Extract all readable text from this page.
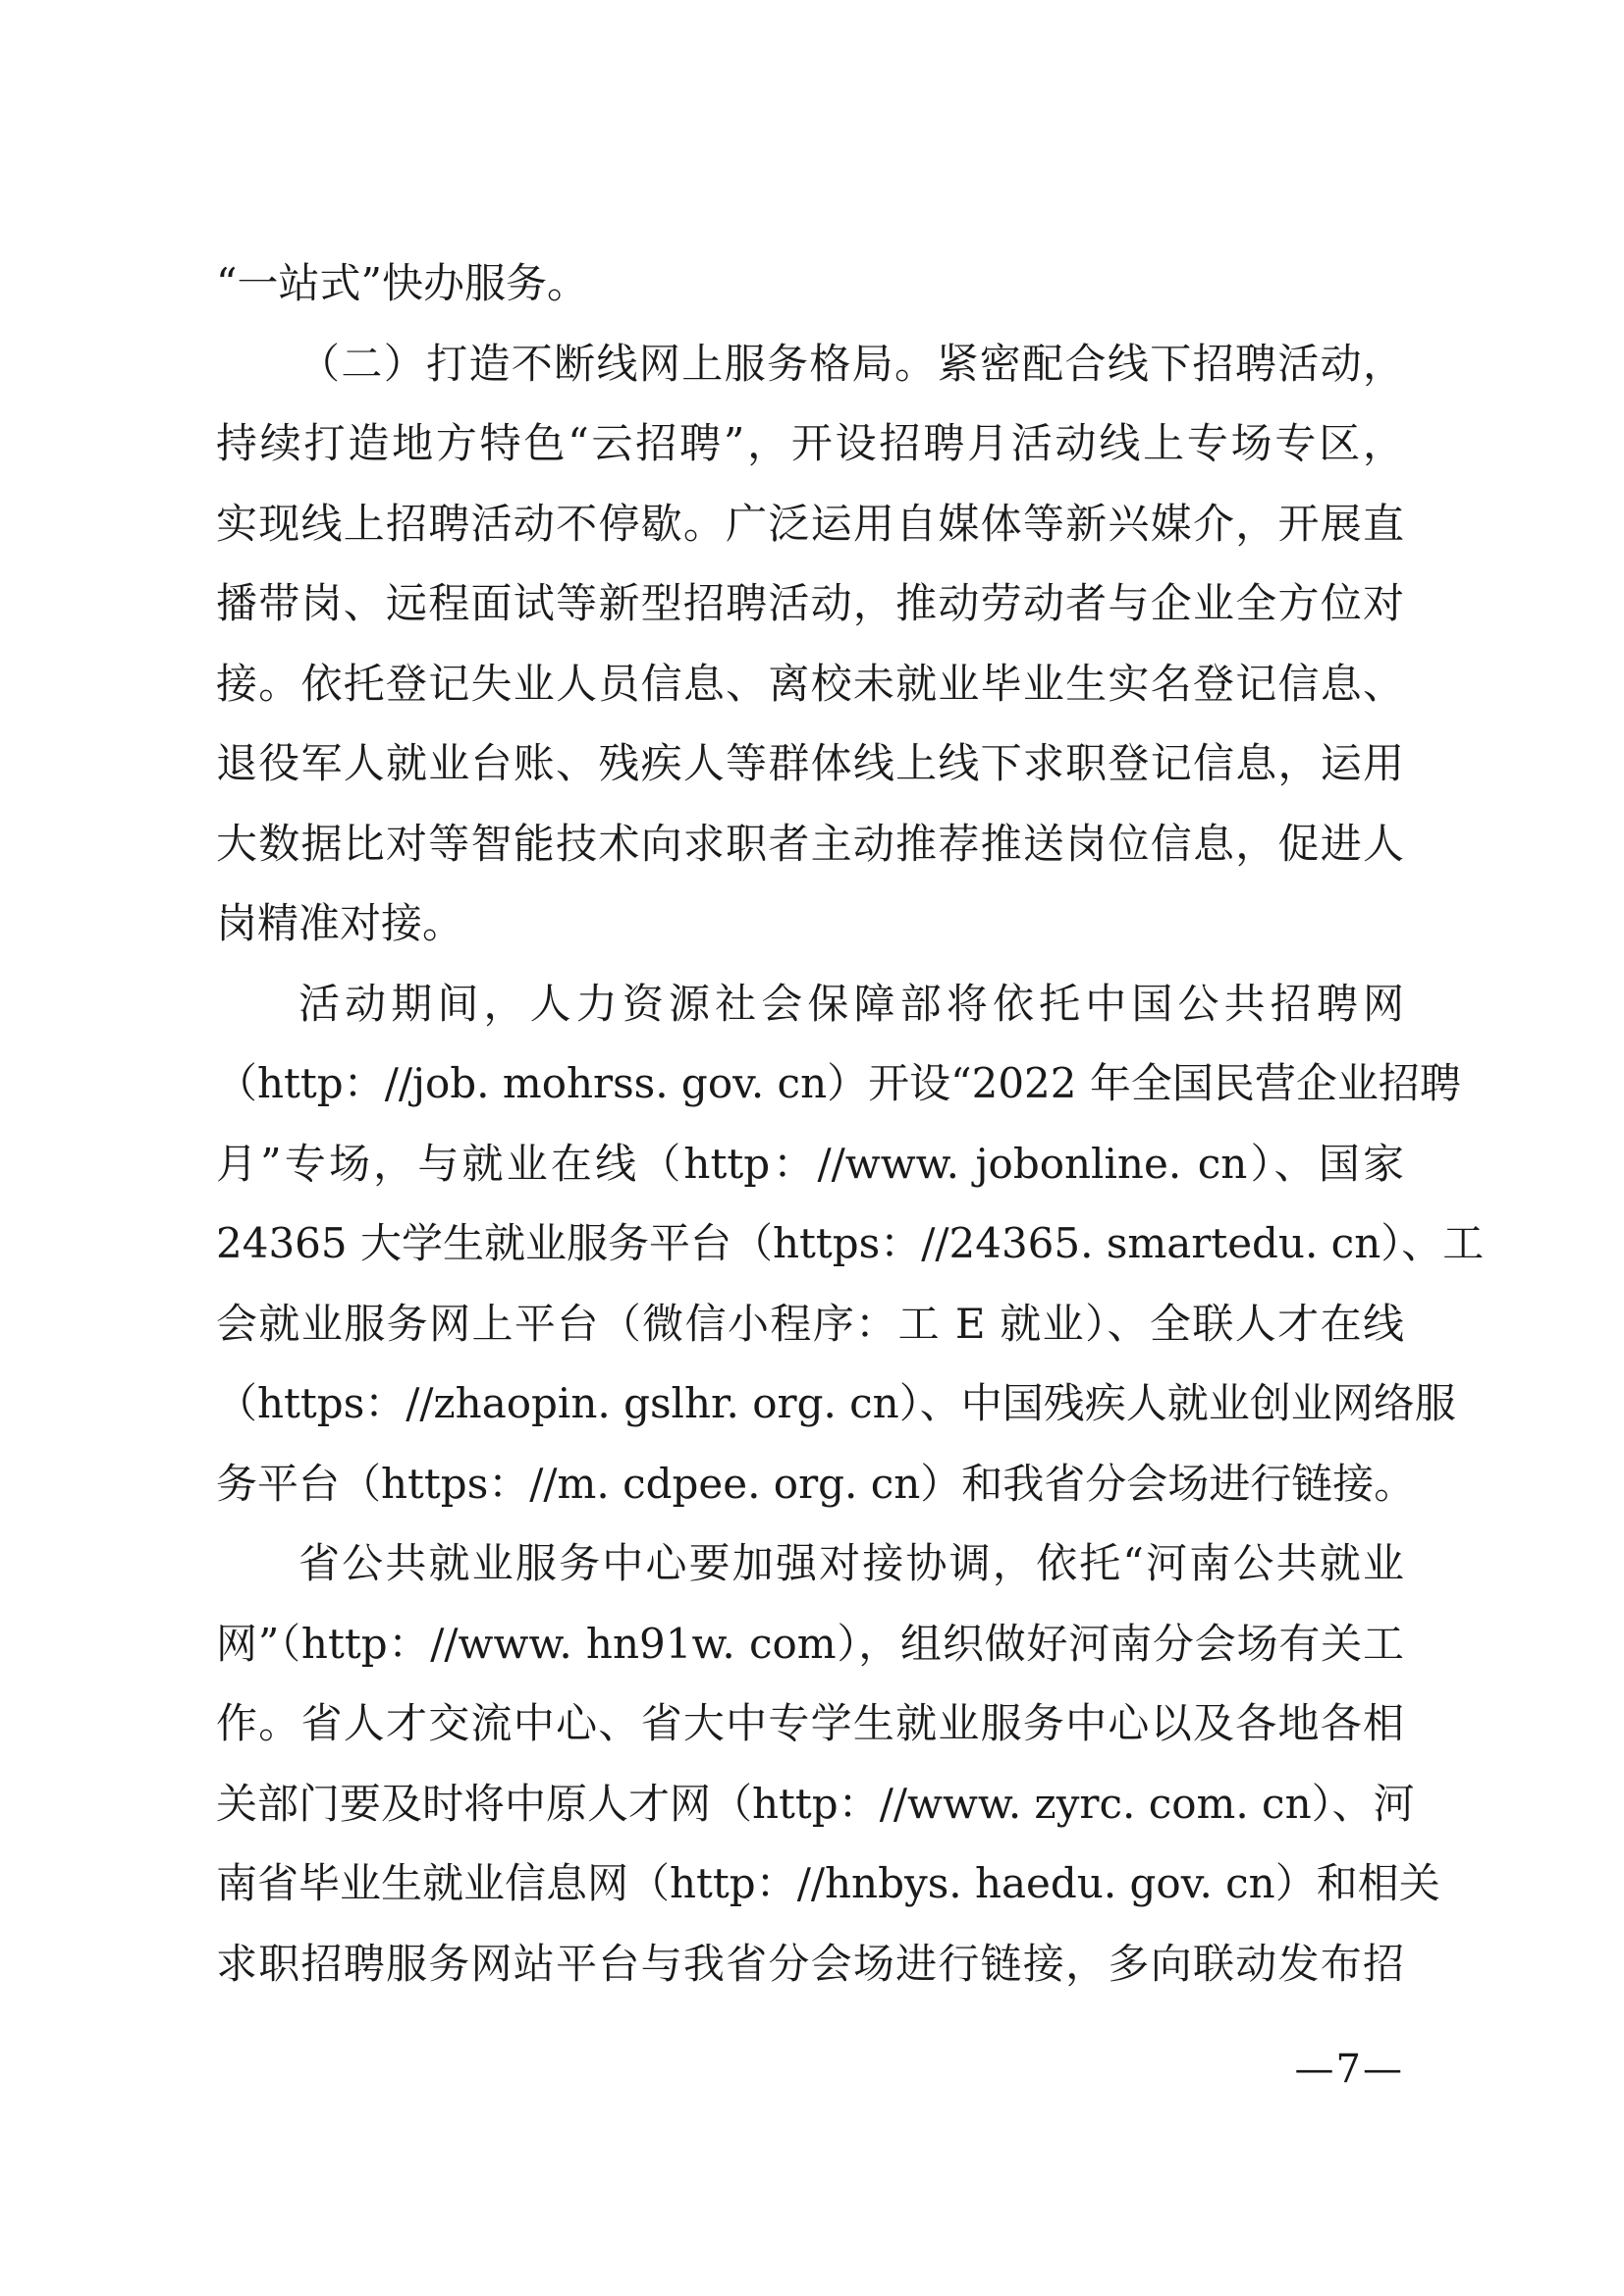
“一站式”快办服务。
（二）打造不断线网上服务格局。紧密配合线下招聘活动，
持续打造地方特色“云招聘”，开设招聘月活动线上专场专区，
实现线上招聘活动不停歇。广泛运用自媒体等新兴媒介，开展直
播带岗、远程面试等新型招聘活动，推动劳动者与企业全方位对
接。依托登记失业人员信息、离校未就业毕业生实名登记信息、
退役军人就业台账、残疾人等群体线上线下求职登记信息，运用
大数据比对等智能技术向求职者主动推荐推送岗位信息，促进人
岗精准对接。
活动期间，人力资源社会保障部将依托中国公共招聘网
（http：//job. mohrss. gov. cn）开设“2022 年全国民营企业招聘
月”专场，与就业在线（http：//www. jobonline. cn）、国家
24365 大学生就业服务平台（https：//24365. smartedu. cn）、工
会就业服务网上平台（微信小程序：工 E 就业）、全联人才在线
（https：//zhaopin. gslhr. org. cn）、中国残疾人就业创业网络服
务平台（https：//m. cdpee. org. cn）和我省分会场进行链接。
省公共就业服务中心要加强对接协调，依托“河南公共就业
网”（http：//www. hn91w. com），组织做好河南分会场有关工
作。省人才交流中心、省大中专学生就业服务中心以及各地各相
关部门要及时将中原人才网（http：//www. zyrc. com. cn）、河
南省毕业生就业信息网（http：//hnbys. haedu. gov. cn）和相关
求职招聘服务网站平台与我省分会场进行链接，多向联动发布招
—7—
